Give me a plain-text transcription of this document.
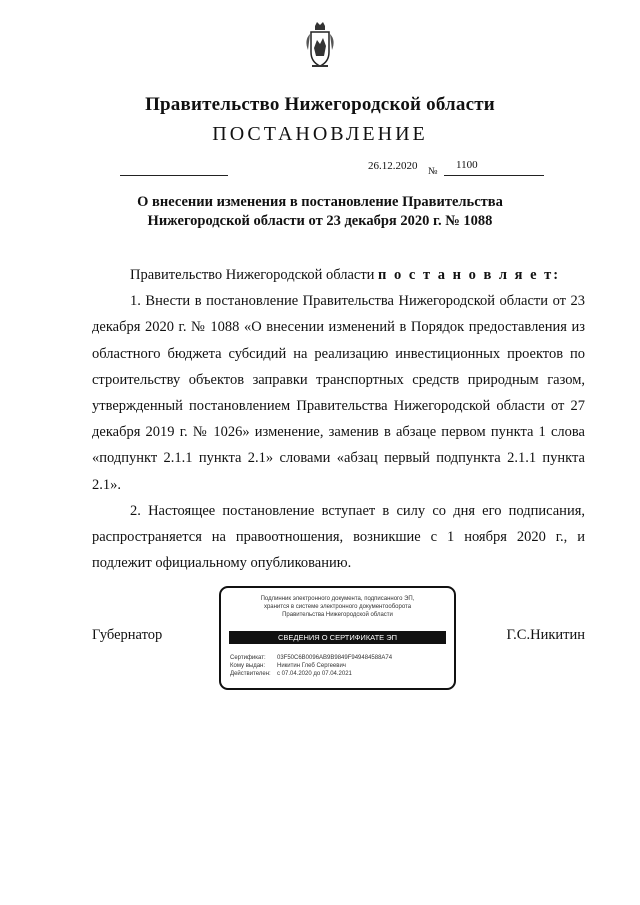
Правительство Нижегородской области
ПОСТАНОВЛЕНИЕ
26.12.2020 №
1100
О внесении изменения в постановление Правительства
Нижегородской области от 23 декабря 2020 г. № 1088
Правительство Нижегородской области п о с т а н о в л я е т:

1. Внести в постановление Правительства Нижегородской области от 23 декабря 2020 г. № 1088 «О внесении изменений в Порядок предоставления из областного бюджета субсидий на реализацию инвестиционных проектов по строительству объектов заправки транспортных средств природным газом, утвержденный постановлением Правительства Нижегородской области от 27 декабря 2019 г. № 1026» изменение, заменив в абзаце первом пункта 1 слова «подпункт 2.1.1 пункта 2.1» словами «абзац первый подпункта 2.1.1 пункта 2.1».

2. Настоящее постановление вступает в силу со дня его подписания, распространяется на правоотношения, возникшие с 1 ноября 2020 г., и подлежит официальному опубликованию.

Губернатор	Г.С.Никитин
Подлинник электронного документа, подписанного ЭП,
хранится в системе электронного документооборота
Правительства Нижегородской области
СВЕДЕНИЯ О СЕРТИФИКАТЕ ЭП
Сертификат: 03F50C6B0096AB9B9849F949484588A74
Кому выдан: Никитин Глеб Сергеевич
Действителен: с 07.04.2020 до 07.04.2021
